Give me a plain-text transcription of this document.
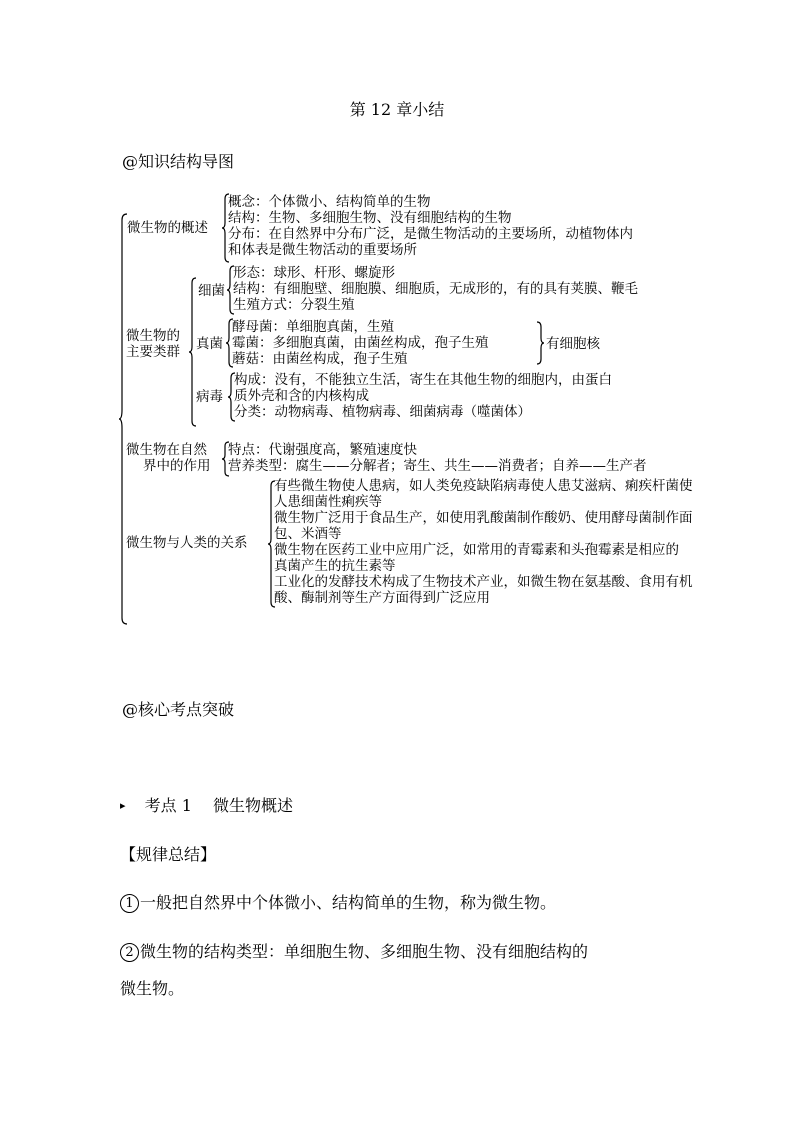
第 12 章小结
@知识结构导图
微生物的概述
概念：个体微小、结构简单的生物
结构：生物、多细胞生物、没有细胞结构的生物
分布：在自然界中分布广泛，是微生物活动的主要场所，动植物体内
和体表是微生物活动的重要场所
微生物的
主要类群
细菌
形态：球形、杆形、螺旋形
结构：有细胞壁、细胞膜、细胞质，无成形的，有的具有荚膜、鞭毛
生殖方式：分裂生殖
真菌
酵母菌：单细胞真菌，生殖
霉菌：多细胞真菌，由菌丝构成，孢子生殖
蘑菇：由菌丝构成，孢子生殖
有细胞核
病毒
构成：没有，不能独立生活，寄生在其他生物的细胞内，由蛋白
质外壳和含的内核构成
分类：动物病毒、植物病毒、细菌病毒（噬菌体）
微生物在自然
界中的作用
特点：代谢强度高，繁殖速度快
营养类型：腐生——分解者；寄生、共生——消费者；自养——生产者
微生物与人类的关系
有些微生物使人患病，如人类免疫缺陷病毒使人患艾滋病、痢疾杆菌使
人患细菌性痢疾等
微生物广泛用于食品生产，如使用乳酸菌制作酸奶、使用酵母菌制作面
包、米酒等
微生物在医药工业中应用广泛，如常用的青霉素和头孢霉素是相应的
真菌产生的抗生素等
工业化的发酵技术构成了生物技术产业，如微生物在氨基酸、食用有机
酸、酶制剂等生产方面得到广泛应用
@核心考点突破
▸ 考点 1 微生物概述
【规律总结】
1 一般把自然界中个体微小、结构简单的生物，称为微生物。
2 微生物的结构类型：单细胞生物、多细胞生物、没有细胞结构的
微生物。
